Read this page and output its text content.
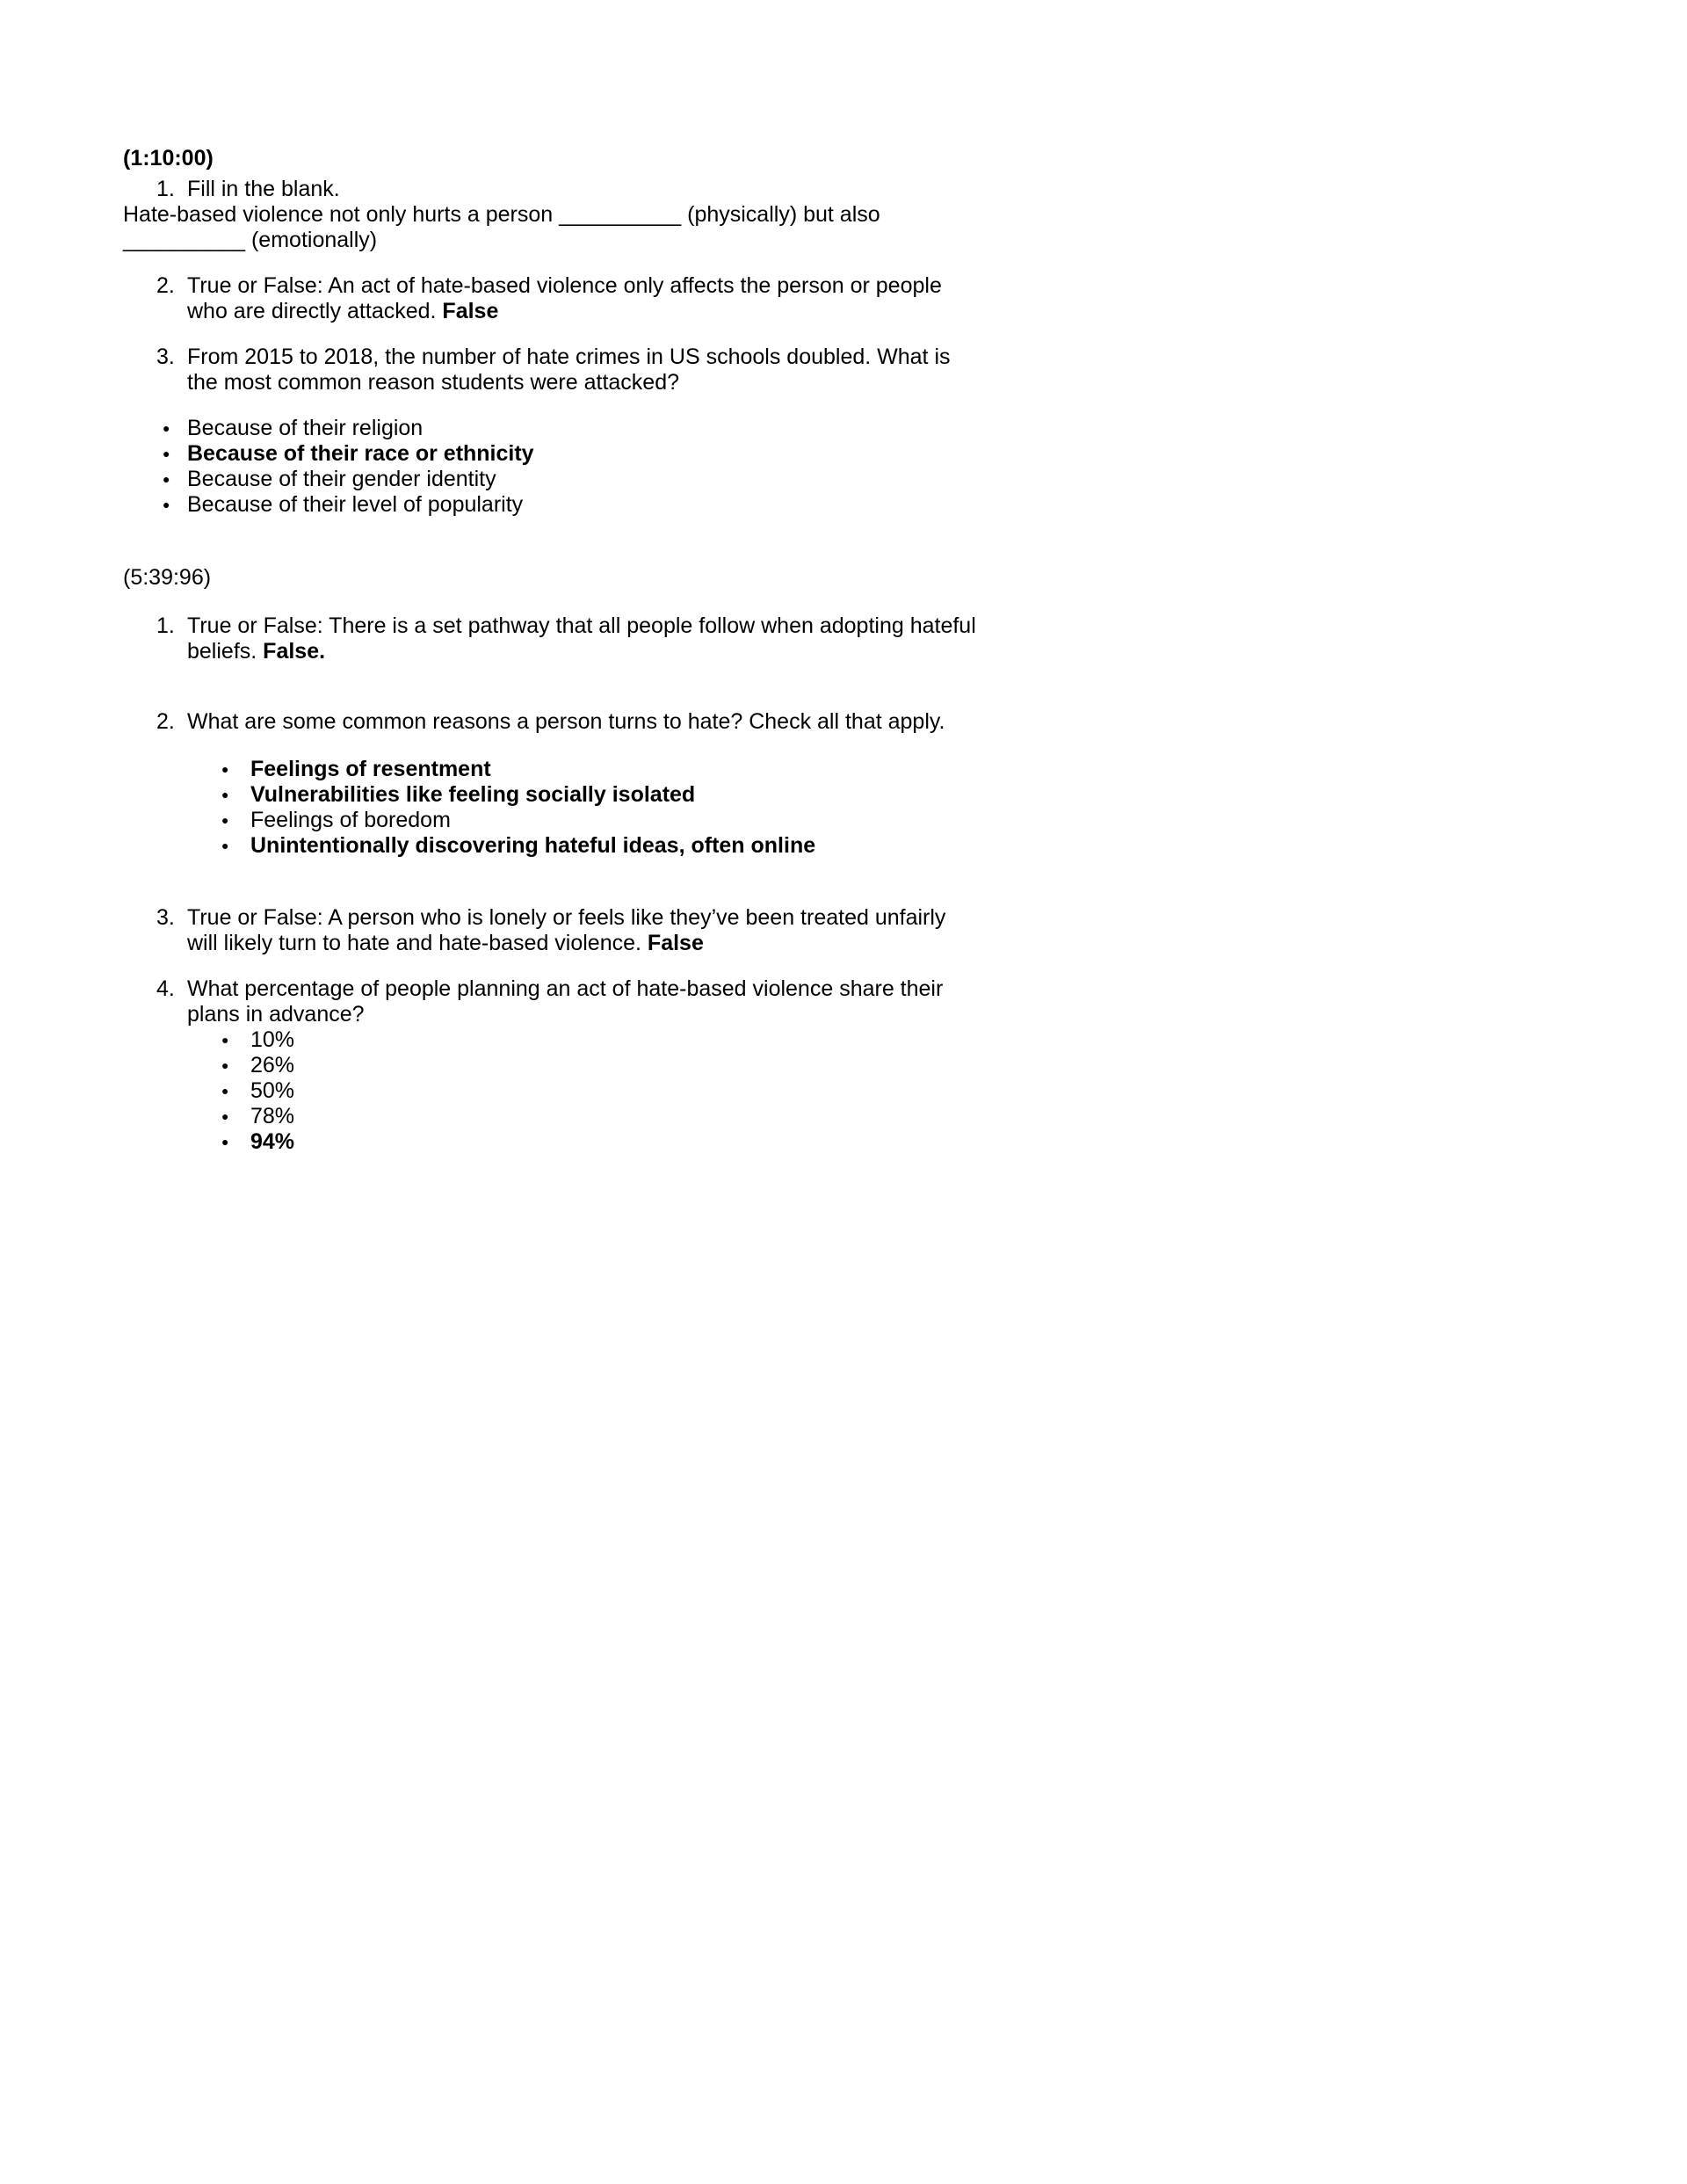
(1:10:00)
1. Fill in the blank.
Hate-based violence not only hurts a person __________ (physically) but also
__________ (emotionally)
2. True or False: An act of hate-based violence only affects the person or people
who are directly attacked. False
3. From 2015 to 2018, the number of hate crimes in US schools doubled. What is
the most common reason students were attacked?
● Because of their religion
● Because of their race or ethnicity
● Because of their gender identity
● Because of their level of popularity
(5:39:96)
1. True or False: There is a set pathway that all people follow when adopting hateful
beliefs. False.
2. What are some common reasons a person turns to hate? Check all that apply.
● Feelings of resentment
● Vulnerabilities like feeling socially isolated
● Feelings of boredom
● Unintentionally discovering hateful ideas, often online
3. True or False: A person who is lonely or feels like they’ve been treated unfairly
will likely turn to hate and hate-based violence. False
4. What percentage of people planning an act of hate-based violence share their
plans in advance?
● 10%
● 26%
● 50%
● 78%
● 94%
